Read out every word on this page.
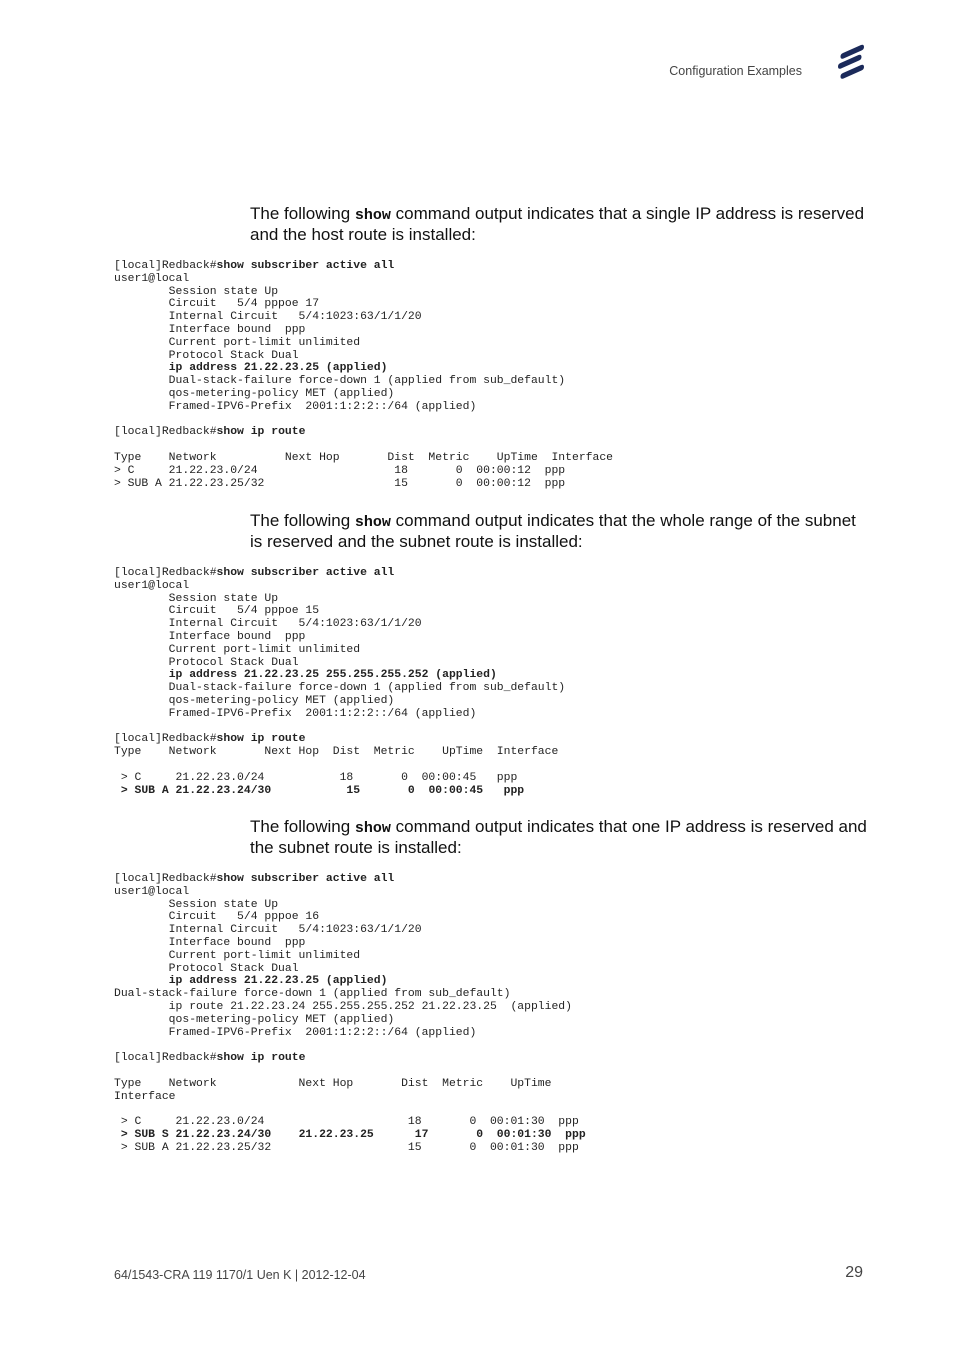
Configuration Examples

The following show command output indicates that a single IP address is reserved and the host route is installed:

[local]Redback#show subscriber active all
user1@local
Session state Up
Circuit   5/4 pppoe 17
Internal Circuit   5/4:1023:63/1/1/20
Interface bound  ppp
Current port-limit unlimited
Protocol Stack Dual
ip address 21.22.23.25 (applied)
Dual-stack-failure force-down 1 (applied from sub_default)
qos-metering-policy MET (applied)
Framed-IPV6-Prefix  2001:1:2:2::/64 (applied)

[local]Redback#show ip route

Type    Network          Next Hop       Dist  Metric    UpTime  Interface
> C     21.22.23.0/24                    18       0  00:00:12  ppp
> SUB A 21.22.23.25/32                   15       0  00:00:12  ppp

The following show command output indicates that the whole range of the subnet is reserved and the subnet route is installed:

[local]Redback#show subscriber active all
user1@local
Session state Up
Circuit   5/4 pppoe 15
Internal Circuit   5/4:1023:63/1/1/20
Interface bound  ppp
Current port-limit unlimited
Protocol Stack Dual
ip address 21.22.23.25 255.255.255.252 (applied)
Dual-stack-failure force-down 1 (applied from sub_default)
qos-metering-policy MET (applied)
Framed-IPV6-Prefix  2001:1:2:2::/64 (applied)

[local]Redback#show ip route
Type    Network       Next Hop  Dist  Metric    UpTime  Interface

> C     21.22.23.0/24           18       0  00:00:45   ppp
> SUB A 21.22.23.24/30           15       0  00:00:45   ppp

The following show command output indicates that one IP address is reserved and the subnet route is installed:

[local]Redback#show subscriber active all
user1@local
Session state Up
Circuit   5/4 pppoe 16
Internal Circuit   5/4:1023:63/1/1/20
Interface bound  ppp
Current port-limit unlimited
Protocol Stack Dual
ip address 21.22.23.25 (applied)
Dual-stack-failure force-down 1 (applied from sub_default)
ip route 21.22.23.24 255.255.255.252 21.22.23.25  (applied)
qos-metering-policy MET (applied)
Framed-IPV6-Prefix  2001:1:2:2::/64 (applied)

[local]Redback#show ip route

Type    Network            Next Hop       Dist  Metric    UpTime
Interface

> C     21.22.23.0/24                     18       0  00:01:30  ppp
> SUB S 21.22.23.24/30    21.22.23.25      17       0  00:01:30  ppp
> SUB A 21.22.23.25/32                    15       0  00:01:30  ppp

64/1543-CRA 119 1170/1 Uen K | 2012-12-04	29
